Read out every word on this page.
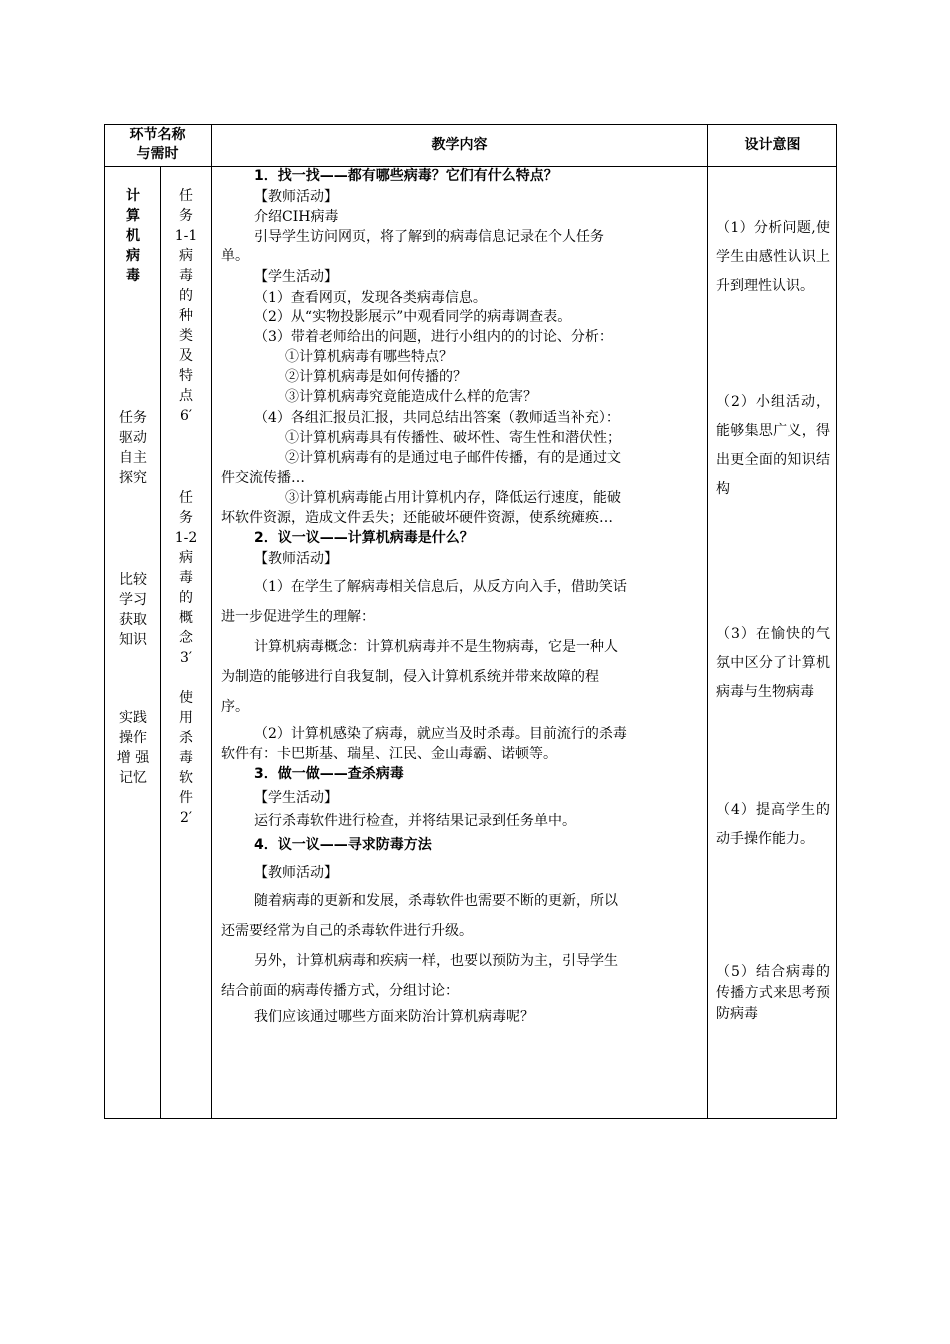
环节名称
与需时
教学内容	设计意图
计
算
机
病
毒
任务
驱动
自主
探究
比较
学习
获取
知识
实践
操作
增 强
记忆
任
务
1-1
病
毒
的
种
类
及
特
点
6′
任
务
1-2
病
毒
的
概
念
3′
使
用
杀
毒
软
件
2′
1．找一找——都有哪些病毒？它们有什么特点？
【教师活动】
介绍CIH病毒
引导学生访问网页，将了解到的病毒信息记录在个人任务
单。
【学生活动】
（1）查看网页，发现各类病毒信息。
（2）从“实物投影展示”中观看同学的病毒调查表。
（3）带着老师给出的问题，进行小组内的的讨论、分析：
①计算机病毒有哪些特点？
②计算机病毒是如何传播的？
③计算机病毒究竟能造成什么样的危害？
（4）各组汇报员汇报，共同总结出答案（教师适当补充）：
①计算机病毒具有传播性、破坏性、寄生性和潜伏性；
②计算机病毒有的是通过电子邮件传播，有的是通过文
件交流传播…
③计算机病毒能占用计算机内存，降低运行速度，能破
坏软件资源，造成文件丢失；还能破坏硬件资源，使系统瘫痪…
2．议一议——计算机病毒是什么？
【教师活动】
（1）在学生了解病毒相关信息后，从反方向入手，借助笑话
进一步促进学生的理解：
计算机病毒概念：计算机病毒并不是生物病毒，它是一种人
为制造的能够进行自我复制，侵入计算机系统并带来故障的程
序。
（2）计算机感染了病毒，就应当及时杀毒。目前流行的杀毒
软件有：卡巴斯基、瑞星、江民、金山毒霸、诺顿等。
3．做一做——查杀病毒
【学生活动】
运行杀毒软件进行检查，并将结果记录到任务单中。
4．议一议——寻求防毒方法
【教师活动】
随着病毒的更新和发展，杀毒软件也需要不断的更新，所以
还需要经常为自己的杀毒软件进行升级。
另外，计算机病毒和疾病一样，也要以预防为主，引导学生
结合前面的病毒传播方式，分组讨论：
我们应该通过哪些方面来防治计算机病毒呢？
（1）分析问题,使学生由感性认识上升到理性认识。
（2）小组活动，能够集思广义，得出更全面的知识结构
（3）在愉快的气氛中区分了计算机病毒与生物病毒
（4）提高学生的动手操作能力。
（5）结合病毒的传播方式来思考预防病毒
